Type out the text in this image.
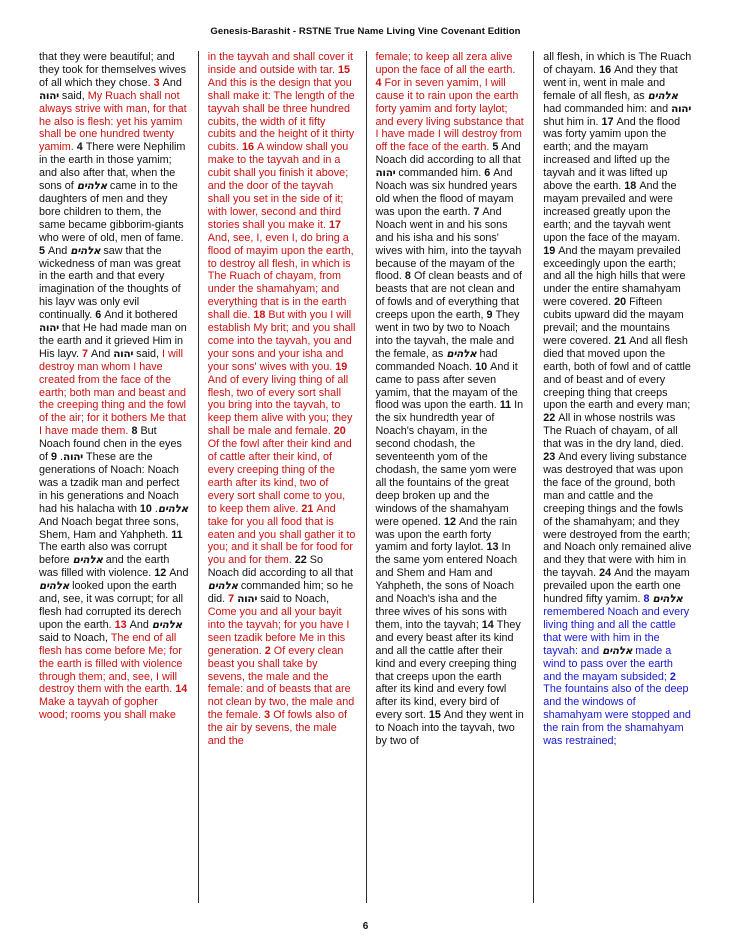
Genesis-Barashit - RSTNE True Name Living Vine Covenant Edition

that they were beautiful; and they took for themselves wives of all which they chose. 3 And יהוה said, My Ruach shall not always strive with man, for that he also is flesh: yet his yamim shall be one hundred twenty yamim. 4 There were Nephilim in the earth in those yamim; and also after that, when the sons of אלהים came in to the daughters of men and they bore children to them, the same became gibborim-giants who were of old, men of fame. 5 And אלהים saw that the wickedness of man was great in the earth and that every imagination of the thoughts of his layv was only evil continually. 6 And it bothered יהוה that He had made man on the earth and it grieved Him in His layv. 7 And יהוה said, I will destroy man whom I have created from the face of the earth; both man and beast and the creeping thing and the fowl of the air; for it bothers Me that I have made them. 8 But Noach found chen in the eyes of יהוה. 9 These are the generations of Noach: Noach was a tzadik man and perfect in his generations and Noach had his halacha with אלהים. 10 And Noach begat three sons, Shem, Ham and Yahpheth. 11 The earth also was corrupt before אלהים and the earth was filled with violence. 12 And אלהים looked upon the earth and, see, it was corrupt; for all flesh had corrupted its derech upon the earth. 13 And אלהים said to Noach, The end of all flesh has come before Me; for the earth is filled with violence through them; and, see, I will destroy them with the earth. 14 Make a tayvah of gopher wood; rooms you shall make

in the tayvah and shall cover it inside and outside with tar. 15 And this is the design that you shall make it: The length of the tayvah shall be three hundred cubits, the width of it fifty cubits and the height of it thirty cubits. 16 A window shall you make to the tayvah and in a cubit shall you finish it above; and the door of the tayvah shall you set in the side of it; with lower, second and third stories shall you make it. 17 And, see, I, even I, do bring a flood of mayim upon the earth, to destroy all flesh, in which is The Ruach of chayam, from under the shamahyam; and everything that is in the earth shall die. 18 But with you I will establish My brit; and you shall come into the tayvah, you and your sons and your isha and your sons' wives with you. 19 And of every living thing of all flesh, two of every sort shall you bring into the tayvah, to keep them alive with you; they shall be male and female. 20 Of the fowl after their kind and of cattle after their kind, of every creeping thing of the earth after its kind, two of every sort shall come to you, to keep them alive. 21 And take for you all food that is eaten and you shall gather it to you; and it shall be for food for you and for them. 22 So Noach did according to all that אלהים commanded him; so he did. 7 יהוה said to Noach, Come you and all your bayit into the tayvah; for you have I seen tzadik before Me in this generation. 2 Of every clean beast you shall take by sevens, the male and the female: and of beasts that are not clean by two, the male and the female. 3 Of fowls also of the air by sevens, the male and the

female; to keep all zera alive upon the face of all the earth. 4 For in seven yamim, I will cause it to rain upon the earth forty yamim and forty laylot; and every living substance that I have made I will destroy from off the face of the earth. 5 And Noach did according to all that יהוה commanded him. 6 And Noach was six hundred years old when the flood of mayam was upon the earth. 7 And Noach went in and his sons and his isha and his sons' wives with him, into the tayvah because of the mayam of the flood. 8 Of clean beasts and of beasts that are not clean and of fowls and of everything that creeps upon the earth, 9 They went in two by two to Noach into the tayvah, the male and the female, as אלהים had commanded Noach. 10 And it came to pass after seven yamim, that the mayam of the flood was upon the earth. 11 In the six hundredth year of Noach's chayam, in the second chodash, the seventeenth yom of the chodash, the same yom were all the fountains of the great deep broken up and the windows of the shamahyam were opened. 12 And the rain was upon the earth forty yamim and forty laylot. 13 In the same yom entered Noach and Shem and Ham and Yahpheth, the sons of Noach and Noach's isha and the three wives of his sons with them, into the tayvah; 14 They and every beast after its kind and all the cattle after their kind and every creeping thing that creeps upon the earth after its kind and every fowl after its kind, every bird of every sort. 15 And they went in to Noach into the tayvah, two by two of

all flesh, in which is The Ruach of chayam. 16 And they that went in, went in male and female of all flesh, as אלהים had commanded him: and יהוה shut him in. 17 And the flood was forty yamim upon the earth; and the mayam increased and lifted up the tayvah and it was lifted up above the earth. 18 And the mayam prevailed and were increased greatly upon the earth; and the tayvah went upon the face of the mayam. 19 And the mayam prevailed exceedingly upon the earth; and all the high hills that were under the entire shamahyam were covered. 20 Fifteen cubits upward did the mayam prevail; and the mountains were covered. 21 And all flesh died that moved upon the earth, both of fowl and of cattle and of beast and of every creeping thing that creeps upon the earth and every man; 22 All in whose nostrils was The Ruach of chayam, of all that was in the dry land, died. 23 And every living substance was destroyed that was upon the face of the ground, both man and cattle and the creeping things and the fowls of the shamahyam; and they were destroyed from the earth; and Noach only remained alive and they that were with him in the tayvah. 24 And the mayam prevailed upon the earth one hundred fifty yamim. 8 אלהים remembered Noach and every living thing and all the cattle that were with him in the tayvah: and אלהים made a wind to pass over the earth and the mayam subsided; 2 The fountains also of the deep and the windows of shamahyam were stopped and the rain from the shamahyam was restrained;

6
